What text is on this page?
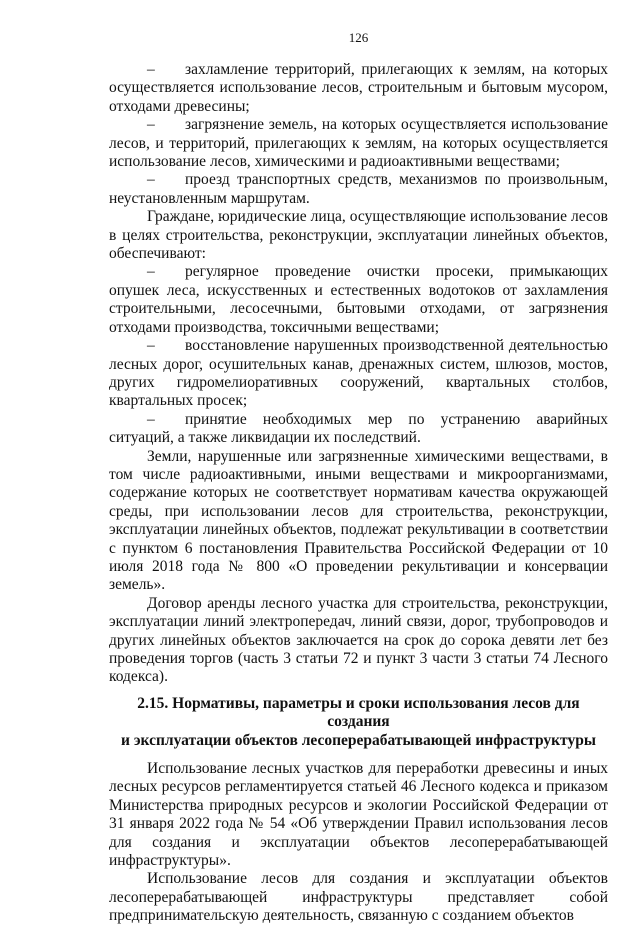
126

– захламление территорий, прилегающих к землям, на которых осуществляется использование лесов, строительным и бытовым мусором, отходами древесины;

– загрязнение земель, на которых осуществляется использование лесов, и территорий, прилегающих к землям, на которых осуществляется использование лесов, химическими и радиоактивными веществами;

– проезд транспортных средств, механизмов по произвольным, неустановленным маршрутам.

Граждане, юридические лица, осуществляющие использование лесов в целях строительства, реконструкции, эксплуатации линейных объектов, обеспечивают:

– регулярное проведение очистки просеки, примыкающих опушек леса, искусственных и естественных водотоков от захламления строительными, лесосечными, бытовыми отходами, от загрязнения отходами производства, токсичными веществами;

– восстановление нарушенных производственной деятельностью лесных дорог, осушительных канав, дренажных систем, шлюзов, мостов, других гидромелиоративных сооружений, квартальных столбов, квартальных просек;

– принятие необходимых мер по устранению аварийных ситуаций, а также ликвидации их последствий.

Земли, нарушенные или загрязненные химическими веществами, в том числе радиоактивными, иными веществами и микроорганизмами, содержание которых не соответствует нормативам качества окружающей среды, при использовании лесов для строительства, реконструкции, эксплуатации линейных объектов, подлежат рекультивации в соответствии с пунктом 6 постановления Правительства Российской Федерации от 10 июля 2018 года № 800 «О проведении рекультивации и консервации земель».

Договор аренды лесного участка для строительства, реконструкции, эксплуатации линий электропередач, линий связи, дорог, трубопроводов и других линейных объектов заключается на срок до сорока девяти лет без проведения торгов (часть 3 статьи 72 и пункт 3 части 3 статьи 74 Лесного кодекса).

2.15. Нормативы, параметры и сроки использования лесов для создания
и эксплуатации объектов лесоперерабатывающей инфраструктуры

Использование лесных участков для переработки древесины и иных лесных ресурсов регламентируется статьей 46 Лесного кодекса и приказом Министерства природных ресурсов и экологии Российской Федерации от 31 января 2022 года № 54 «Об утверждении Правил использования лесов для создания и эксплуатации объектов лесоперерабатывающей инфраструктуры».

Использование лесов для создания и эксплуатации объектов лесоперерабатывающей инфраструктуры представляет собой предпринимательскую деятельность, связанную с созданием объектов
